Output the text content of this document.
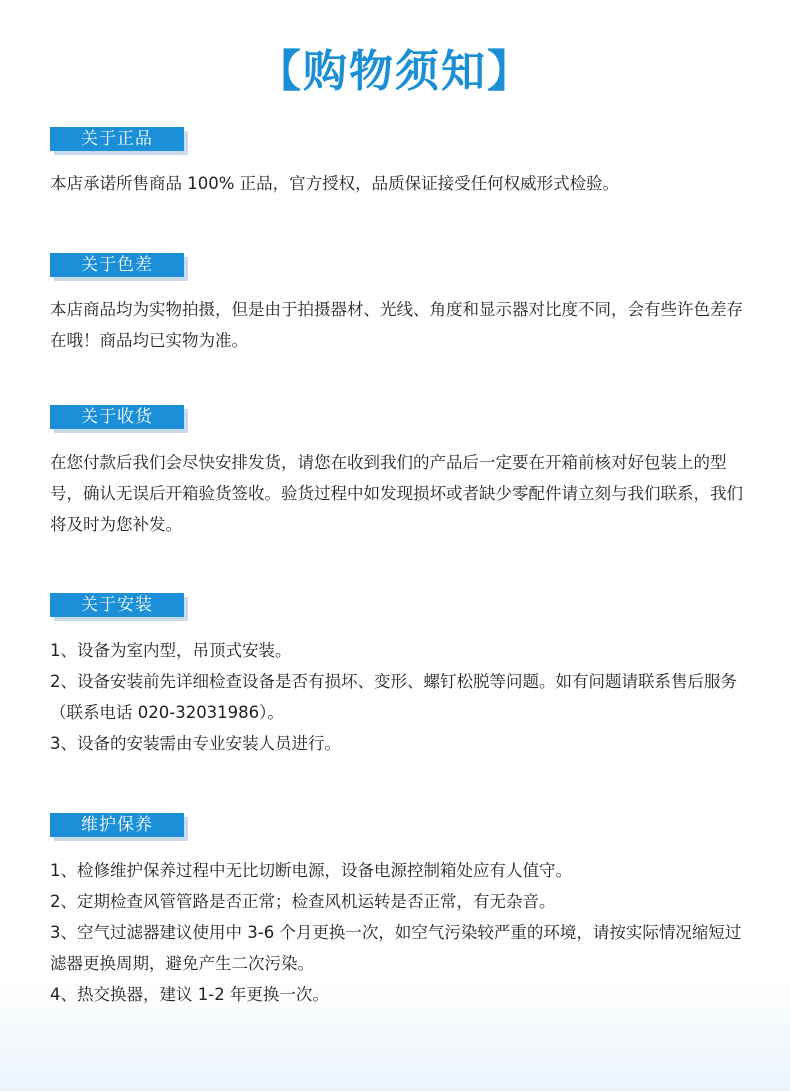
【购物须知】
关于正品

本店承诺所售商品 100% 正品，官方授权，品质保证接受任何权威形式检验。

关于色差

本店商品均为实物拍摄，但是由于拍摄器材、光线、角度和显示器对比度不同，会有些许色差存在哦！商品均已实物为准。

关于收货

在您付款后我们会尽快安排发货，请您在收到我们的产品后一定要在开箱前核对好包装上的型号，确认无误后开箱验货签收。验货过程中如发现损坏或者缺少零配件请立刻与我们联系，我们将及时为您补发。

关于安装

1、设备为室内型，吊顶式安装。

2、设备安装前先详细检查设备是否有损坏、变形、螺钉松脱等问题。如有问题请联系售后服务（联系电话 020-32031986）。

3、设备的安装需由专业安装人员进行。

维护保养

1、检修维护保养过程中无比切断电源，设备电源控制箱处应有人值守。

2、定期检查风管管路是否正常；检查风机运转是否正常，有无杂音。

3、空气过滤器建议使用中 3-6 个月更换一次，如空气污染较严重的环境，请按实际情况缩短过滤器更换周期，避免产生二次污染。

4、热交换器，建议 1-2 年更换一次。
